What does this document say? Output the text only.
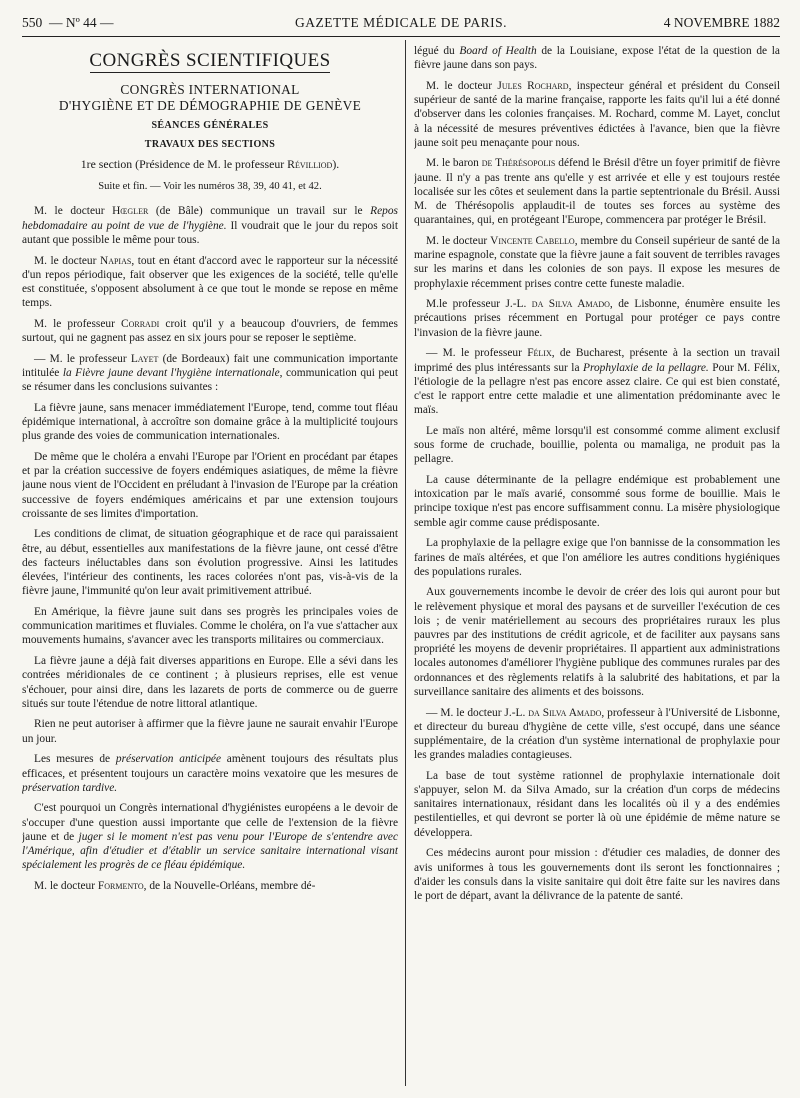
550 — Nº 44 —	GAZETTE MÉDICALE DE PARIS.	4 NOVEMBRE 1882
CONGRÈS SCIENTIFIQUES
CONGRÈS INTERNATIONAL
D'HYGIÈNE ET DE DÉMOGRAPHIE DE GENÈVE
SÉANCES GÉNÉRALES
TRAVAUX DES SECTIONS
1re section (Présidence de M. le professeur Révilliod).
Suite et fin. — Voir les numéros 38, 39, 40 41, et 42.

M. le docteur Hœgler (de Bâle) communique un travail sur le Repos hebdomadaire au point de vue de l'hygiène. Il voudrait que le jour du repos soit autant que possible le même pour tous.

M. le docteur Napias, tout en étant d'accord avec le rapporteur sur la nécessité d'un repos périodique, fait observer que les exigences de la société, telle qu'elle est constituée, s'opposent absolument à ce que tout le monde se repose en même temps.

M. le professeur Corradi croit qu'il y a beaucoup d'ouvriers, de femmes surtout, qui ne gagnent pas assez en six jours pour se reposer le septième.

— M. le professeur Layet (de Bordeaux) fait une communication importante intitulée la Fièvre jaune devant l'hygiène internationale, communication qui peut se résumer dans les conclusions suivantes :

La fièvre jaune, sans menacer immédiatement l'Europe, tend, comme tout fléau épidémique international, à accroître son domaine grâce à la multiplicité toujours plus grande des voies de communication internationales.

De même que le choléra a envahi l'Europe par l'Orient en procédant par étapes et par la création successive de foyers endémiques asiatiques, de même la fièvre jaune nous vient de l'Occident en préludant à l'invasion de l'Europe par la création successive de foyers endémiques américains et par une extension toujours croissante de ses limites d'importation.

Les conditions de climat, de situation géographique et de race qui paraissaient être, au début, essentielles aux manifestations de la fièvre jaune, ont cessé d'être des facteurs inéluctables dans son évolution progressive. Ainsi les latitudes élevées, l'intérieur des continents, les races colorées n'ont pas, vis-à-vis de la fièvre jaune, l'immunité qu'on leur avait primitivement attribué.

En Amérique, la fièvre jaune suit dans ses progrès les principales voies de communication maritimes et fluviales. Comme le choléra, on l'a vue s'attacher aux mouvements humains, s'avancer avec les transports militaires ou commerciaux.

La fièvre jaune a déjà fait diverses apparitions en Europe. Elle a sévi dans les contrées méridionales de ce continent ; à plusieurs reprises, elle est venue s'échouer, pour ainsi dire, dans les lazarets de ports de commerce ou de guerre situés sur toute l'étendue de notre littoral atlantique.

Rien ne peut autoriser à affirmer que la fièvre jaune ne saurait envahir l'Europe un jour.

Les mesures de préservation anticipée amènent toujours des résultats plus efficaces, et présentent toujours un caractère moins vexatoire que les mesures de préservation tardive.

C'est pourquoi un Congrès international d'hygiénistes européens a le devoir de s'occuper d'une question aussi importante que celle de l'extension de la fièvre jaune et de juger si le moment n'est pas venu pour l'Europe de s'entendre avec l'Amérique, afin d'étudier et d'établir un service sanitaire international visant spécialement les progrès de ce fléau épidémique.

M. le docteur Formento, de la Nouvelle-Orléans, membre dé-

légué du Board of Health de la Louisiane, expose l'état de la question de la fièvre jaune dans son pays.

M. le docteur Jules Rochard, inspecteur général et président du Conseil supérieur de santé de la marine française, rapporte les faits qu'il lui a été donné d'observer dans les colonies françaises. M. Rochard, comme M. Layet, conclut à la nécessité de mesures préventives édictées à l'avance, bien que la fièvre jaune soit peu menaçante pour nous.

M. le baron de Thérésopolis défend le Brésil d'être un foyer primitif de fièvre jaune. Il n'y a pas trente ans qu'elle y est arrivée et elle y est toujours restée localisée sur les côtes et seulement dans la partie septentrionale du Brésil. Aussi M. de Thérésopolis applaudit-il de toutes ses forces au système des quarantaines, qui, en protégeant l'Europe, commencera par protéger le Brésil.

M. le docteur Vincente Cabello, membre du Conseil supérieur de santé de la marine espagnole, constate que la fièvre jaune a fait souvent de terribles ravages sur les marins et dans les colonies de son pays. Il expose les mesures de prophylaxie récemment prises contre cette funeste maladie.

M.le professeur J.-L. da Silva Amado, de Lisbonne, énumère ensuite les précautions prises récemment en Portugal pour protéger ce pays contre l'invasion de la fièvre jaune.

— M. le professeur Félix, de Bucharest, présente à la section un travail imprimé des plus intéressants sur la Prophylaxie de la pellagre. Pour M. Félix, l'étiologie de la pellagre n'est pas encore assez claire. Ce qui est bien constaté, c'est le rapport entre cette maladie et une alimentation prédominante avec le maïs.

Le maïs non altéré, même lorsqu'il est consommé comme aliment exclusif sous forme de cruchade, bouillie, polenta ou mamaliga, ne produit pas la pellagre.

La cause déterminante de la pellagre endémique est probablement une intoxication par le maïs avarié, consommé sous forme de bouillie. Mais le principe toxique n'est pas encore suffisamment connu. La misère physiologique semble agir comme cause prédisposante.

La prophylaxie de la pellagre exige que l'on bannisse de la consommation les farines de maïs altérées, et que l'on améliore les autres conditions hygiéniques des populations rurales.

Aux gouvernements incombe le devoir de créer des lois qui auront pour but le relèvement physique et moral des paysans et de surveiller l'exécution de ces lois ; de venir matériellement au secours des propriétaires ruraux les plus pauvres par des institutions de crédit agricole, et de faciliter aux paysans sans propriété les moyens de devenir propriétaires. Il appartient aux administrations locales autonomes d'améliorer l'hygiène publique des communes rurales par des ordonnances et des règlements relatifs à la salubrité des habitations, et par la surveillance sanitaire des aliments et des boissons.

— M. le docteur J.-L. da Silva Amado, professeur à l'Université de Lisbonne, et directeur du bureau d'hygiène de cette ville, s'est occupé, dans une séance supplémentaire, de la création d'un système international de prophylaxie pour les grandes maladies contagieuses.

La base de tout système rationnel de prophylaxie internationale doit s'appuyer, selon M. da Silva Amado, sur la création d'un corps de médecins sanitaires internationaux, résidant dans les localités où il y a des endémies pestilentielles, et qui devront se porter là où une épidémie de même nature se développera.

Ces médecins auront pour mission : d'étudier ces maladies, de donner des avis uniformes à tous les gouvernements dont ils seront les fonctionnaires ; d'aider les consuls dans la visite sanitaire qui doit être faite sur les navires dans le port de départ, avant la délivrance de la patente de santé.
